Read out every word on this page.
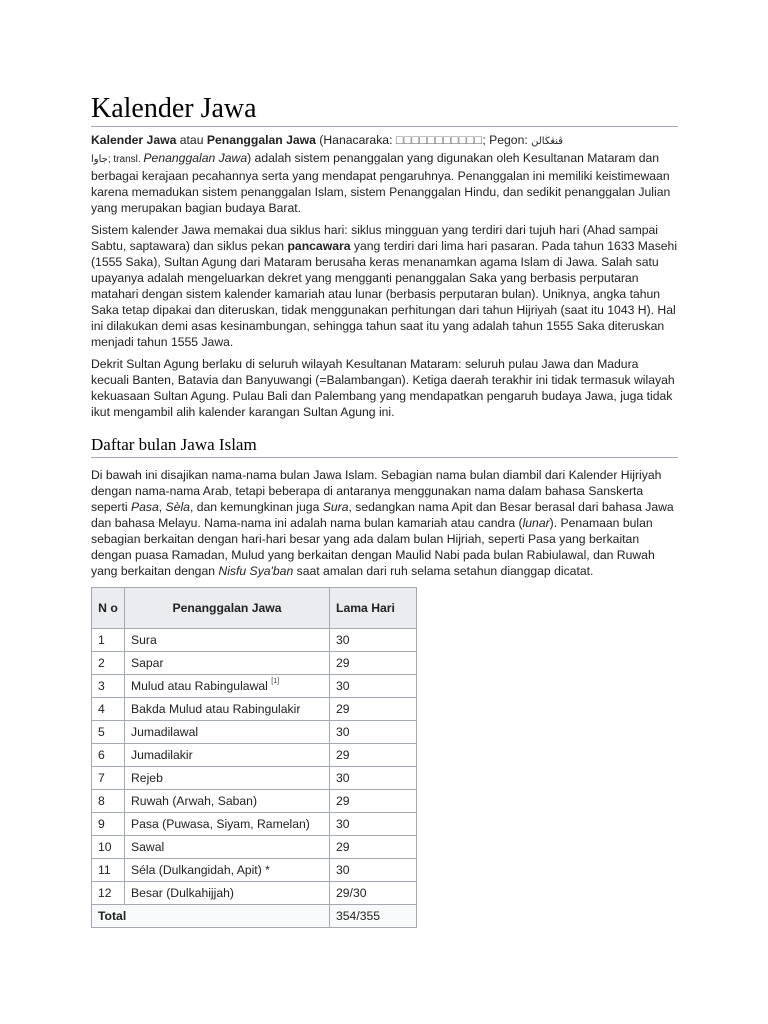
Kalender Jawa

Kalender Jawa atau Penanggalan Jawa (Hanacaraka: □□□□□□□□□□□; Pegon: ڤنڠڬالن
جاوا; transl. Penanggalan Jawa) adalah sistem penanggalan yang digunakan oleh Kesultanan Mataram dan berbagai kerajaan pecahannya serta yang mendapat pengaruhnya. Penanggalan ini memiliki keistimewaan karena memadukan sistem penanggalan Islam, sistem Penanggalan Hindu, dan sedikit penanggalan Julian yang merupakan bagian budaya Barat.

Sistem kalender Jawa memakai dua siklus hari: siklus mingguan yang terdiri dari tujuh hari (Ahad sampai Sabtu, saptawara) dan siklus pekan pancawara yang terdiri dari lima hari pasaran. Pada tahun 1633 Masehi (1555 Saka), Sultan Agung dari Mataram berusaha keras menanamkan agama Islam di Jawa. Salah satu upayanya adalah mengeluarkan dekret yang mengganti penanggalan Saka yang berbasis perputaran matahari dengan sistem kalender kamariah atau lunar (berbasis perputaran bulan). Uniknya, angka tahun Saka tetap dipakai dan diteruskan, tidak menggunakan perhitungan dari tahun Hijriyah (saat itu 1043 H). Hal ini dilakukan demi asas kesinambungan, sehingga tahun saat itu yang adalah tahun 1555 Saka diteruskan menjadi tahun 1555 Jawa.

Dekrit Sultan Agung berlaku di seluruh wilayah Kesultanan Mataram: seluruh pulau Jawa dan Madura kecuali Banten, Batavia dan Banyuwangi (=Balambangan). Ketiga daerah terakhir ini tidak termasuk wilayah kekuasaan Sultan Agung. Pulau Bali dan Palembang yang mendapatkan pengaruh budaya Jawa, juga tidak ikut mengambil alih kalender karangan Sultan Agung ini.

Daftar bulan Jawa Islam

Di bawah ini disajikan nama-nama bulan Jawa Islam. Sebagian nama bulan diambil dari Kalender Hijriyah dengan nama-nama Arab, tetapi beberapa di antaranya menggunakan nama dalam bahasa Sanskerta seperti Pasa, Sèla, dan kemungkinan juga Sura, sedangkan nama Apit dan Besar berasal dari bahasa Jawa dan bahasa Melayu. Nama-nama ini adalah nama bulan kamariah atau candra (lunar). Penamaan bulan sebagian berkaitan dengan hari-hari besar yang ada dalam bulan Hijriah, seperti Pasa yang berkaitan dengan puasa Ramadan, Mulud yang berkaitan dengan Maulid Nabi pada bulan Rabiulawal, dan Ruwah yang berkaitan dengan Nisfu Sya'ban saat amalan dari ruh selama setahun dianggap dicatat.

N o	Penanggalan Jawa	Lama Hari
1	Sura	30
2	Sapar	29
3	Mulud atau Rabingulawal [1]	30
4	Bakda Mulud atau Rabingulakir	29
5	Jumadilawal	30
6	Jumadilakir	29
7	Rejeb	30
8	Ruwah (Arwah, Saban)	29
9	Pasa (Puwasa, Siyam, Ramelan)	30
10	Sawal	29
11	Séla (Dulkangidah, Apit) *	30
12	Besar (Dulkahijjah)	29/30
Total		354/355
